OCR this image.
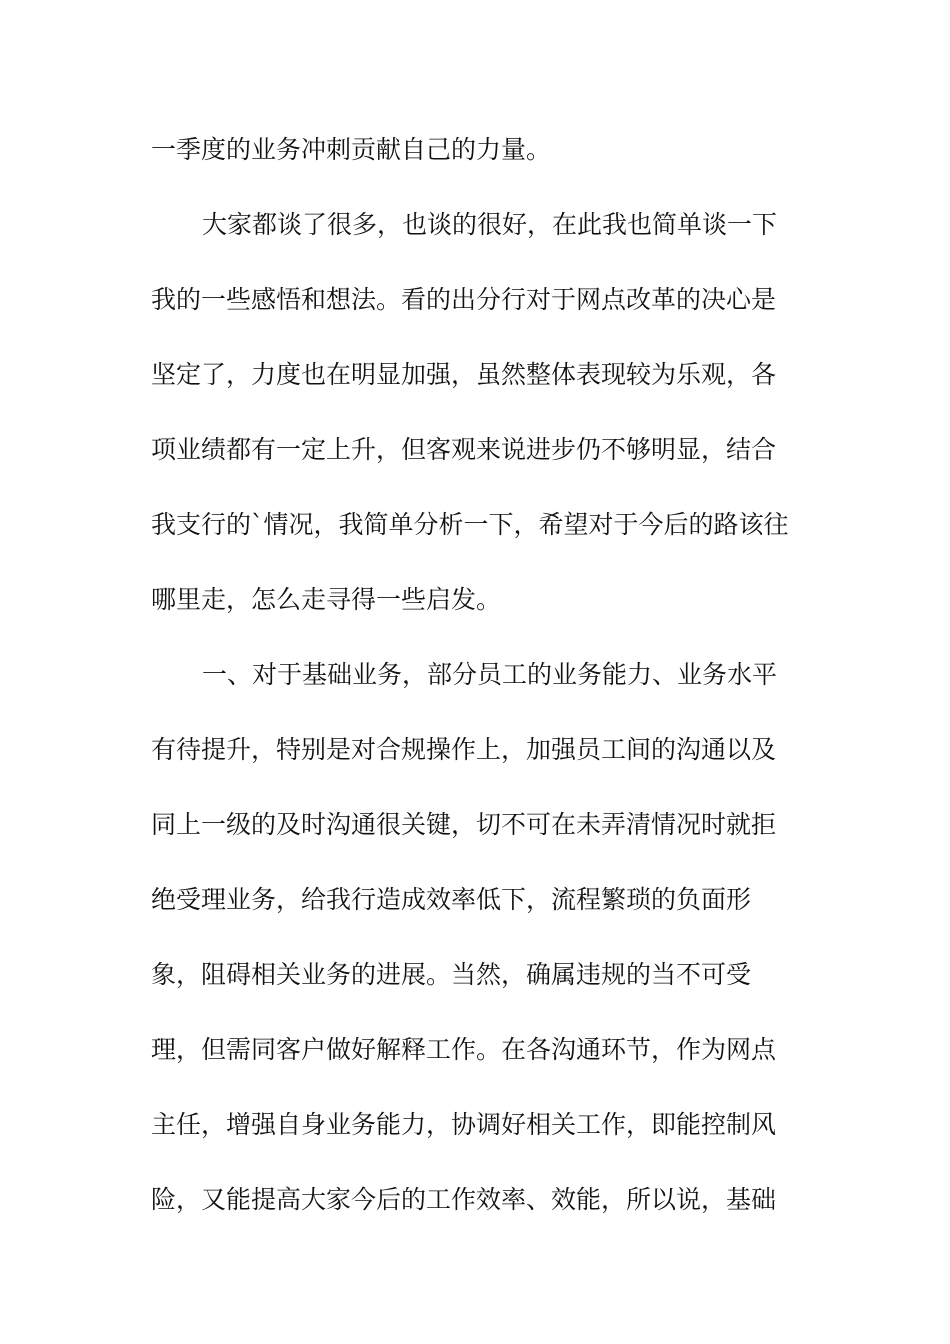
一季度的业务冲刺贡献自己的力量。

大家都谈了很多，也谈的很好，在此我也简单谈一下

我的一些感悟和想法。看的出分行对于网点改革的决心是

坚定了，力度也在明显加强，虽然整体表现较为乐观，各

项业绩都有一定上升，但客观来说进步仍不够明显，结合

我支行的`情况，我简单分析一下，希望对于今后的路该往

哪里走，怎么走寻得一些启发。

一、对于基础业务，部分员工的业务能力、业务水平

有待提升，特别是对合规操作上，加强员工间的沟通以及

同上一级的及时沟通很关键，切不可在未弄清情况时就拒

绝受理业务，给我行造成效率低下，流程繁琐的负面形

象，阻碍相关业务的进展。当然，确属违规的当不可受

理，但需同客户做好解释工作。在各沟通环节，作为网点

主任，增强自身业务能力，协调好相关工作，即能控制风

险，又能提高大家今后的工作效率、效能，所以说，基础
